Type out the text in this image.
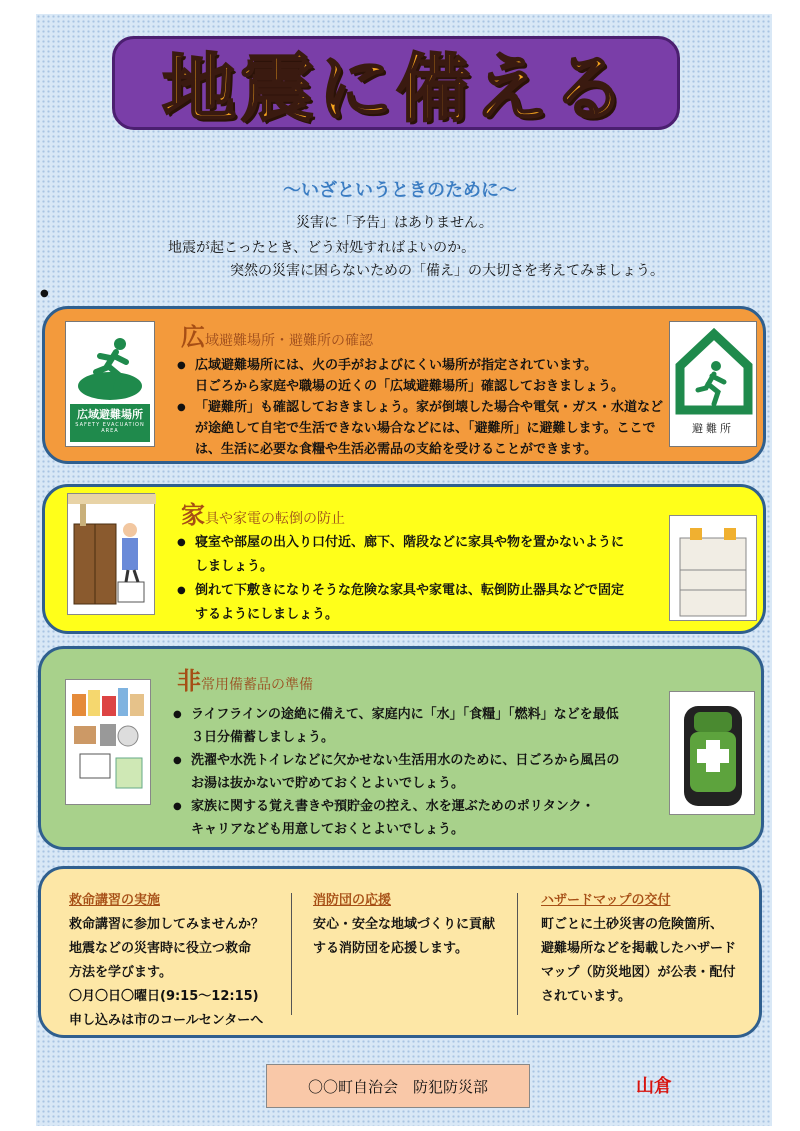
地震に備える
～いざというときのために～
災害に「予告」はありません。
地震が起こったとき、どう対処すればよいのか。
突然の災害に困らないための「備え」の大切さを考えてみましょう。
●
広域避難場所
SAFETY EVACUATION AREA
広域避難場所・避難所の確認
● 広域避難場所には、火の手がおよびにくい場所が指定されています。
日ごろから家庭や職場の近くの「広域避難場所」確認しておきましょう。
● 「避難所」も確認しておきましょう。家が倒壊した場合や電気・ガス・水道など
が途絶して自宅で生活できない場合などには、「避難所」に避難します。ここで
は、生活に必要な食糧や生活必需品の支給を受けることができます。
避難所
家具や家電の転倒の防止
● 寝室や部屋の出入り口付近、廊下、階段などに家具や物を置かないように
しましょう。
● 倒れて下敷きになりそうな危険な家具や家電は、転倒防止器具などで固定
するようにしましょう。
非常用備蓄品の準備
● ライフラインの途絶に備えて、家庭内に「水」「食糧」「燃料」などを最低
３日分備蓄しましょう。
● 洗濯や水洗トイレなどに欠かせない生活用水のために、日ごろから風呂の
お湯は抜かないで貯めておくとよいでしょう。
● 家族に関する覚え書きや預貯金の控え、水を運ぶためのポリタンク・
キャリアなども用意しておくとよいでしょう。
救命講習の実施
救命講習に参加してみませんか？
地震などの災害時に役立つ救命
方法を学びます。
〇月〇日〇曜日(9:15～12:15)
申し込みは市のコールセンターへ
消防団の応援
安心・安全な地域づくりに貢献
する消防団を応援します。
ハザードマップの交付
町ごとに土砂災害の危険箇所、
避難場所などを掲載したハザード
マップ（防災地図）が公表・配付
されています。
〇〇町自治会　防犯防災部	山倉
